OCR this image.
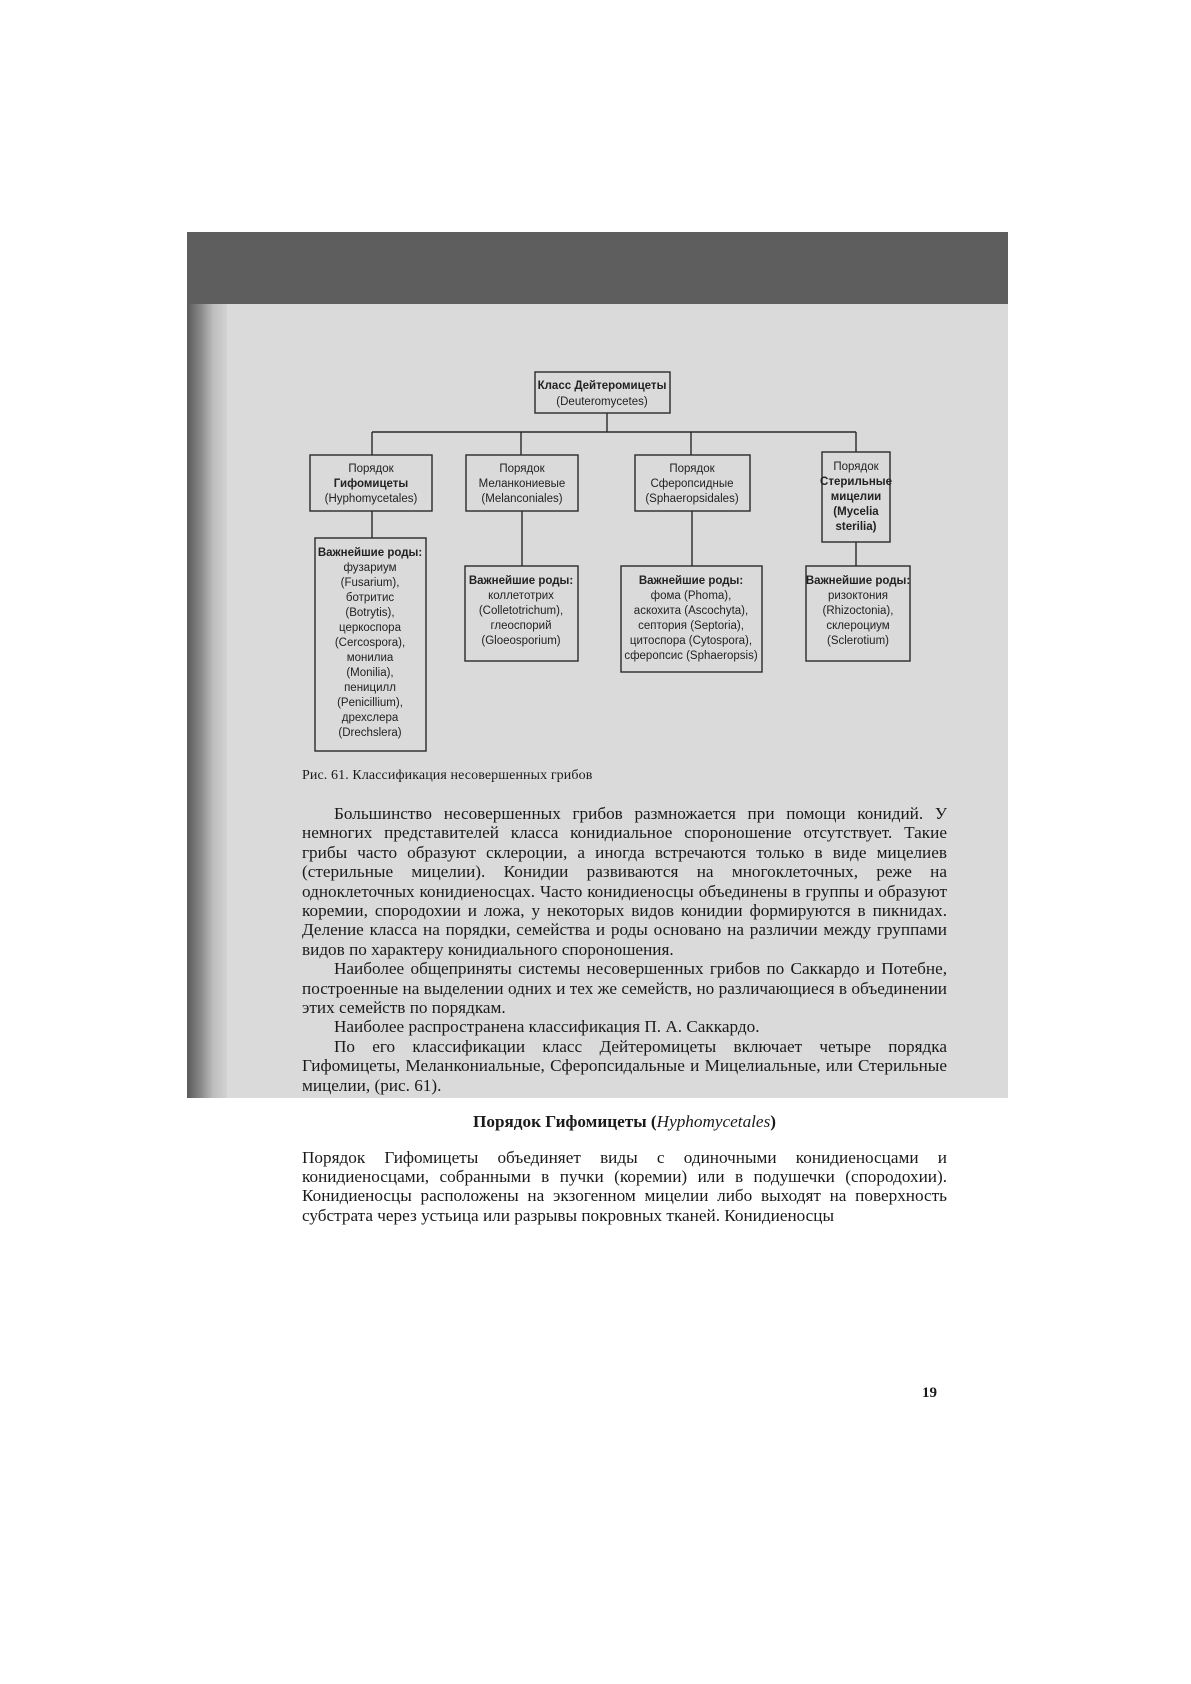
Класс Дейтеромицеты
(Deuteromycetes)
Порядок
Гифомицеты
(Hyphomycetales)
Порядок
Меланкониевые
(Melanconiales)
Порядок
Сферопсидные
(Sphaeropsidales)
Порядок
Стерильные
мицелии
(Mycelia
sterilia)
Важнейшие роды:
фузариум
(Fusarium),
ботритис
(Botrytis),
церкоспора
(Cercospora),
монилиа
(Monilia),
пеницилл
(Penicillium),
дрехслера
(Drechslera)
Важнейшие роды:
коллетотрих
(Colletotrichum),
глеоспорий
(Gloeosporium)
Важнейшие роды:
фома (Phoma),
аскохита (Ascochyta),
септория (Septoria),
цитоспора (Cytospora),
сферопсис (Sphaeropsis)
Важнейшие роды:
ризоктония
(Rhizoctonia),
склероциум
(Sclerotium)
Рис. 61. Классификация несовершенных грибов

Большинство несовершенных грибов размножается при помощи конидий. У немногих представителей класса конидиальное спороношение отсутствует. Такие грибы часто образуют склероции, а иногда встречаются только в виде мицелиев (стерильные мицелии). Конидии развиваются на многоклеточных, реже на одноклеточных конидиеносцах. Часто конидиеносцы объединены в группы и образуют коремии, спородохии и ложа, у некоторых видов конидии формируются в пикнидах. Деление класса на порядки, семейства и роды основано на различии между группами видов по характеру конидиального спороношения.

Наиболее общеприняты системы несовершенных грибов по Саккардо и Потебне, построенные на выделении одних и тех же семейств, но различающиеся в объединении этих семейств по порядкам.

Наиболее распространена классификация П. А. Саккардо.

По его классификации класс Дейтеромицеты включает четыре порядка Гифомицеты, Меланкониальные, Сферопсидальные и Мицелиальные, или Стерильные мицелии, (рис. 61).

Порядок Гифомицеты (Hyphomycetales)

Порядок Гифомицеты объединяет виды с одиночными конидиеносцами и конидиеносцами, собранными в пучки (коремии) или в подушечки (спородохии). Конидиеносцы расположены на экзогенном мицелии либо выходят на поверхность субстрата через устьица или разрывы покровных тканей. Конидиеносцы

19
